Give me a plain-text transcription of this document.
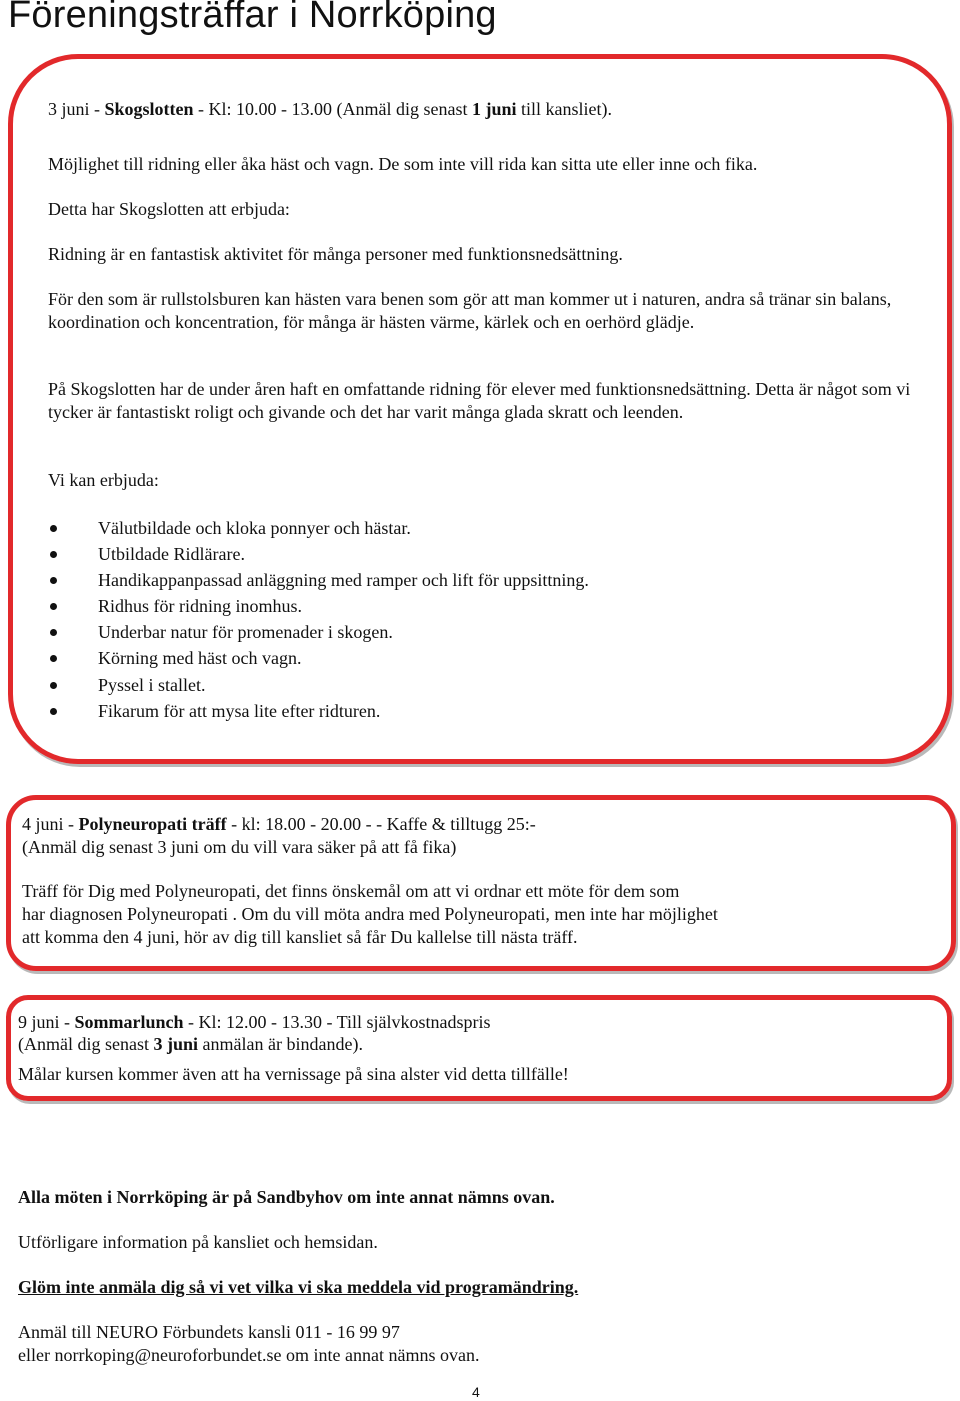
Föreningsträffar i Norrköping
3 juni - Skogslotten - Kl: 10.00 - 13.00 (Anmäl dig senast 1 juni till kansliet).
Möjlighet till ridning eller åka häst och vagn. De som inte vill rida kan sitta ute eller inne och fika.
Detta har Skogslotten att erbjuda:
Ridning är en fantastisk aktivitet för många personer med funktionsnedsättning.
För den som är rullstolsburen kan hästen vara benen som gör att man kommer ut i naturen, andra så tränar sin balans, koordination och koncentration, för många är hästen värme, kärlek och en oerhörd glädje.
På Skogslotten har de under åren haft en omfattande ridning för elever med funktionsnedsättning. Detta är något som vi tycker är fantastiskt roligt och givande och det har varit många glada skratt och leenden.
Vi kan erbjuda:
Välutbildade och kloka ponnyer och hästar.
Utbildade Ridlärare.
Handikappanpassad anläggning med ramper och lift för uppsittning.
Ridhus för ridning inomhus.
Underbar natur för promenader i skogen.
Körning med häst och vagn.
Pyssel i stallet.
Fikarum för att mysa lite efter ridturen.
4 juni - Polyneuropati träff - kl: 18.00 - 20.00 - - Kaffe & tilltugg 25:-
(Anmäl dig senast 3 juni om du vill vara säker på att få fika)
Träff för Dig med Polyneuropati, det finns önskemål om att vi ordnar ett möte för dem som
har diagnosen Polyneuropati . Om du vill möta andra med Polyneuropati, men inte har möjlighet
att komma den 4 juni, hör av dig till kansliet så får Du kallelse till nästa träff.
9 juni - Sommarlunch - Kl: 12.00 - 13.30 - Till självkostnadspris
(Anmäl dig senast 3 juni anmälan är bindande).
Målar kursen kommer även att ha vernissage på sina alster vid detta tillfälle!
Alla möten i Norrköping är på Sandbyhov om inte annat nämns ovan.
Utförligare information på kansliet och hemsidan.
Glöm inte anmäla dig så vi vet vilka vi ska meddela vid programändring.
Anmäl till NEURO Förbundets kansli 011 - 16 99 97
eller norrkoping@neuroforbundet.se om inte annat nämns ovan.
4
